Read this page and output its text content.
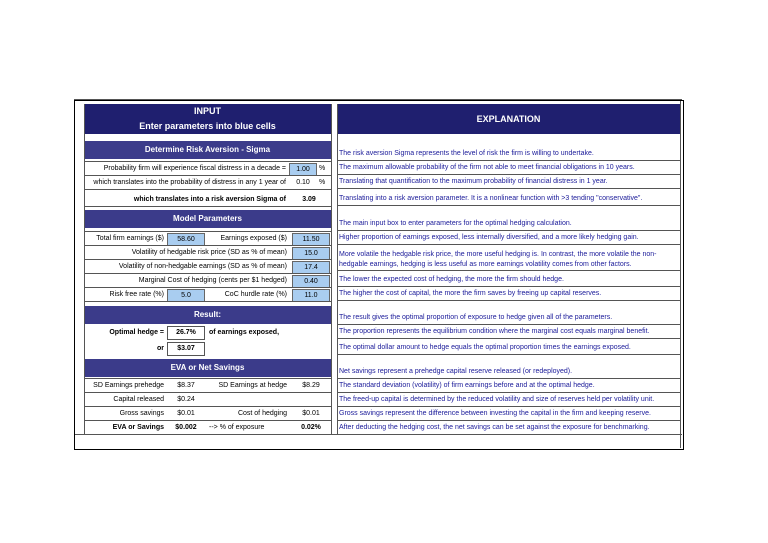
INPUT
Enter parameters into blue cells
EXPLANATION
Determine Risk Aversion - Sigma
Probability firm will experience fiscal distress in a decade =	1.00	%
which translates into the probability of distress in any 1 year of	0.10	%
which translates into a risk aversion Sigma of	3.09
The risk aversion Sigma represents the level of risk the firm is willing to undertake.
The maximum allowable probability of the firm not able to meet financial obligations in 10 years.
Translating that quantification to the maximum probability of financial distress in 1 year.
Translating into a risk aversion parameter. It is a nonlinear function with >3 tending "conservative".
Model Parameters
Total firm earnings ($)	58.60	Earnings exposed ($)	11.50
Volatility of hedgable risk price (SD as % of mean)	15.0
Volatility of non-hedgable earnings (SD as % of mean)	17.4
Marginal Cost of hedging (cents per $1 hedged)	0.40
Risk free rate (%)	5.0	CoC hurdle rate (%)	11.0
The main input box to enter parameters for the optimal hedging calculation.
Higher proportion of earnings exposed, less internally diversified, and a more likely hedging gain.
More volatile the hedgable risk price, the more useful hedging is. In contrast, the more volatile the non-
hedgable earnings, hedging is less useful as more earnings volatility comes from other factors.
The lower the expected cost of hedging, the more the firm should hedge.
The higher the cost of capital, the more the firm saves by freeing up capital reserves.
Result:
Optimal hedge =	26.7%	of earnings exposed,
or	$3.07
The result gives the optimal proportion of exposure to hedge given all of the parameters.
The proportion represents the equilibrium condition where the marginal cost equals marginal benefit.
The optimal dollar amount to hedge equals the optimal proportion times the earnings exposed.
EVA or Net Savings
SD Earnings prehedge	$8.37	SD Earnings at hedge	$8.29
Capital released	$0.24
Gross savings	$0.01	Cost of hedging	$0.01
EVA or Savings	$0.002	--> % of exposure	0.02%
Net savings represent a prehedge capital reserve released (or redeployed).
The standard deviation (volatility) of firm earnings before and at the optimal hedge.
The freed-up capital is determined by the reduced volatility and size of reserves held per volatility unit.
Gross savings represent the difference between investing the capital in the firm and keeping reserve.
After deducting the hedging cost, the net savings can be set against the exposure for benchmarking.
